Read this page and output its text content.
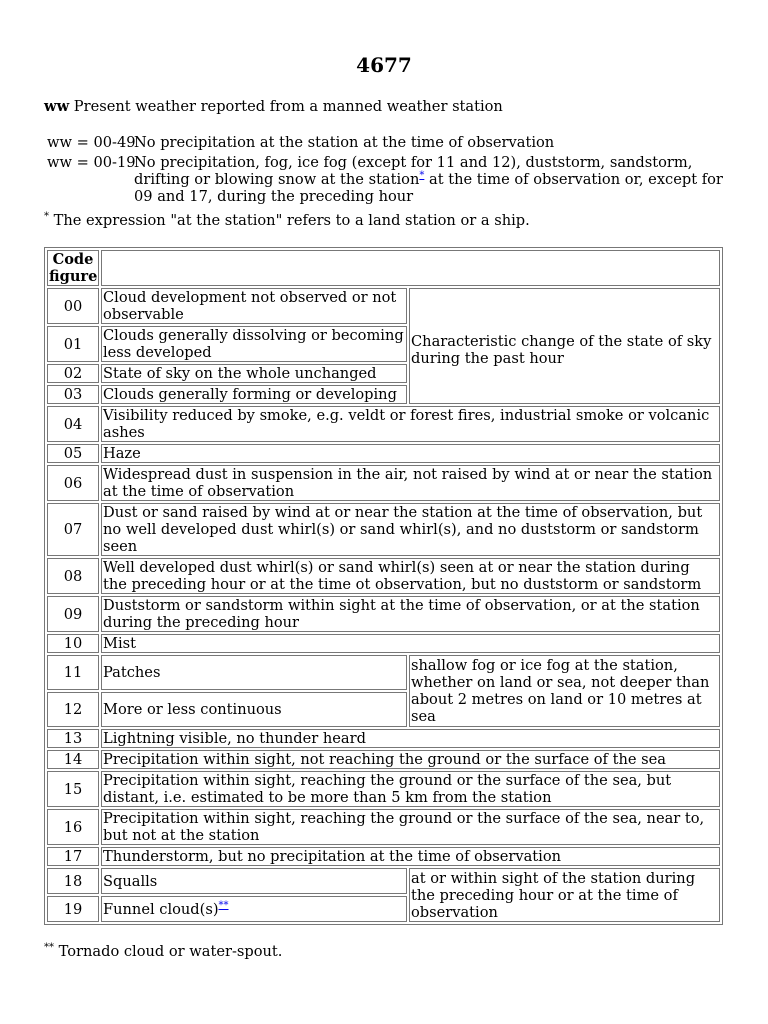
4677
ww Present weather reported from a manned weather station
ww = 00-49No precipitation at the station at the time of observation
ww = 00-19No precipitation, fog, ice fog (except for 11 and 12), duststorm, sandstorm,
drifting or blowing snow at the station* at the time of observation or, except for 09 and 17, during the preceding hour
* The expression "at the station" refers to a land station or a ship.
Code figure		
00	Cloud development not observed or not observable	Characteristic change of the state of sky during the past hour
01	Clouds generally dissolving or becoming less developed	
02	State of sky on the whole unchanged	
03	Clouds generally forming or developing	
04	Visibility reduced by smoke, e.g. veldt or forest fires, industrial smoke or volcanic ashes	
05	Haze	
06	Widespread dust in suspension in the air, not raised by wind at or near the station at the time of observation	
07	Dust or sand raised by wind at or near the station at the time of observation, but no well developed dust whirl(s) or sand whirl(s), and no duststorm or sandstorm seen	
08	Well developed dust whirl(s) or sand whirl(s) seen at or near the station during the preceding hour or at the time ot observation, but no duststorm or sandstorm	
09	Duststorm or sandstorm within sight at the time of observation, or at the station during the preceding hour	
10	Mist	
11	Patches	shallow fog or ice fog at the station, whether on land or sea, not deeper than about 2 metres on land or 10 metres at sea
12	More or less continuous	
13	Lightning visible, no thunder heard	
14	Precipitation within sight, not reaching the ground or the surface of the sea	
15	Precipitation within sight, reaching the ground or the surface of the sea, but distant, i.e. estimated to be more than 5 km from the station	
16	Precipitation within sight, reaching the ground or the surface of the sea, near to, but not at the station	
17	Thunderstorm, but no precipitation at the time of observation	
18	Squalls	at or within sight of the station during the preceding hour or at the time of observation
19	Funnel cloud(s)**
** Tornado cloud or water-spout.
